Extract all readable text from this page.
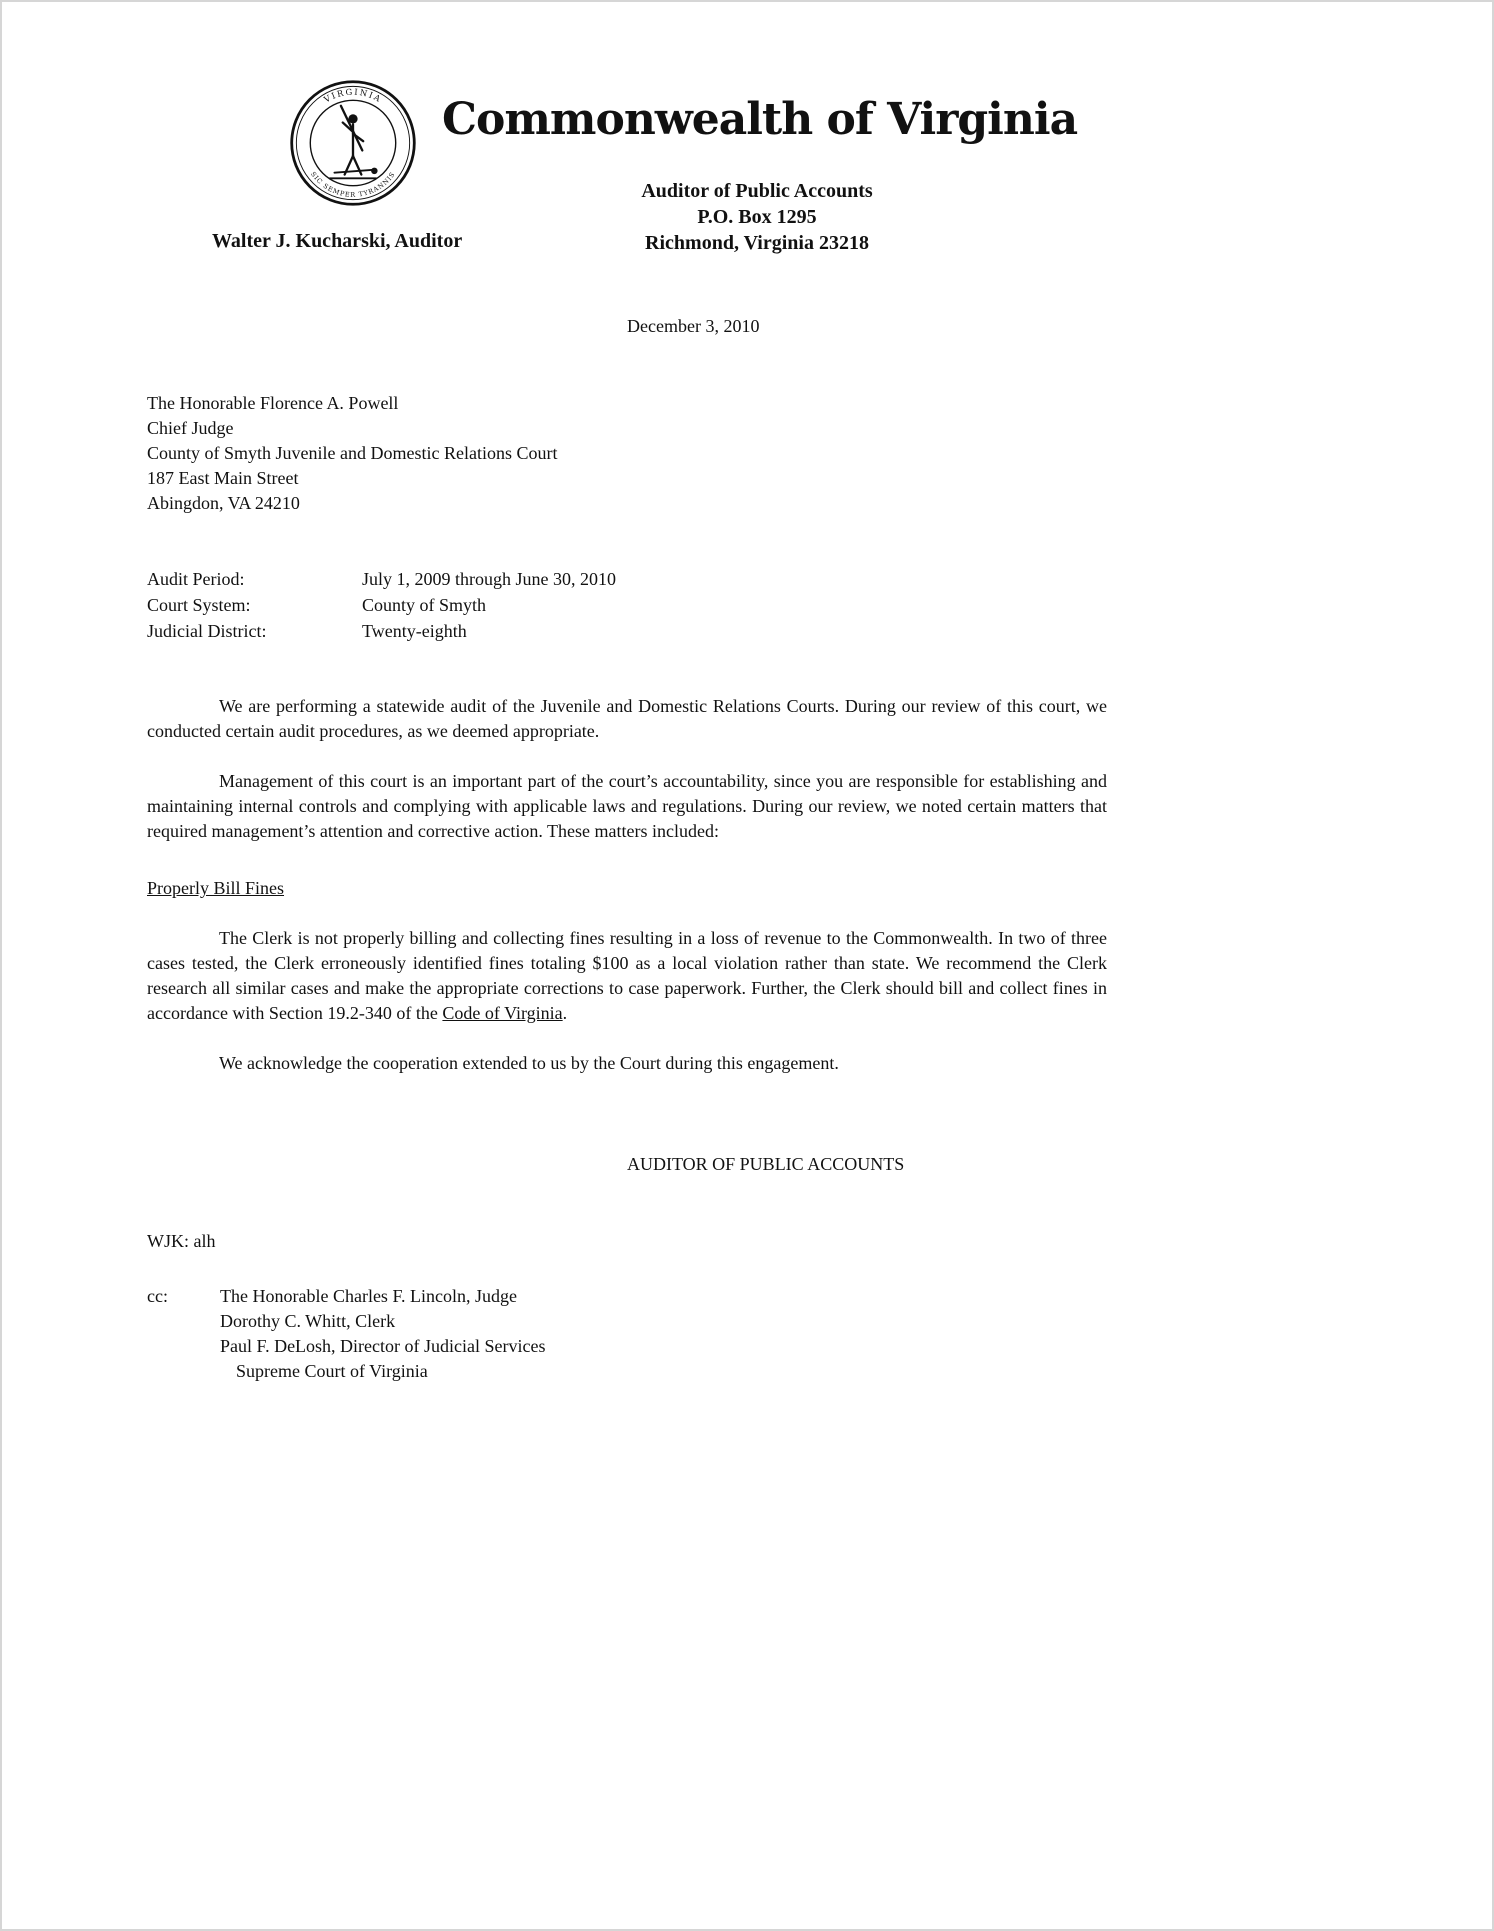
VIRGINIA
SIC SEMPER TYRANNIS
Commonwealth of Virginia
Auditor of Public Accounts
P.O. Box 1295
Richmond, Virginia 23218
Walter J. Kucharski, Auditor
December 3, 2010
The Honorable Florence A. Powell
Chief Judge
County of Smyth Juvenile and Domestic Relations Court
187 East Main Street
Abingdon, VA 24210
Audit Period:	July 1, 2009 through June 30, 2010
Court System:	County of Smyth
Judicial District:	Twenty-eighth

We are performing a statewide audit of the Juvenile and Domestic Relations Courts. During our review of this court, we conducted certain audit procedures, as we deemed appropriate.

Management of this court is an important part of the court’s accountability, since you are responsible for establishing and maintaining internal controls and complying with applicable laws and regulations. During our review, we noted certain matters that required management’s attention and corrective action. These matters included:

Properly Bill Fines

The Clerk is not properly billing and collecting fines resulting in a loss of revenue to the Commonwealth. In two of three cases tested, the Clerk erroneously identified fines totaling $100 as a local violation rather than state. We recommend the Clerk research all similar cases and make the appropriate corrections to case paperwork. Further, the Clerk should bill and collect fines in accordance with Section 19.2-340 of the Code of Virginia.

We acknowledge the cooperation extended to us by the Court during this engagement.

AUDITOR OF PUBLIC ACCOUNTS
WJK: alh
cc:	The Honorable Charles F. Lincoln, Judge
Dorothy C. Whitt, Clerk
Paul F. DeLosh, Director of Judicial Services
Supreme Court of Virginia
